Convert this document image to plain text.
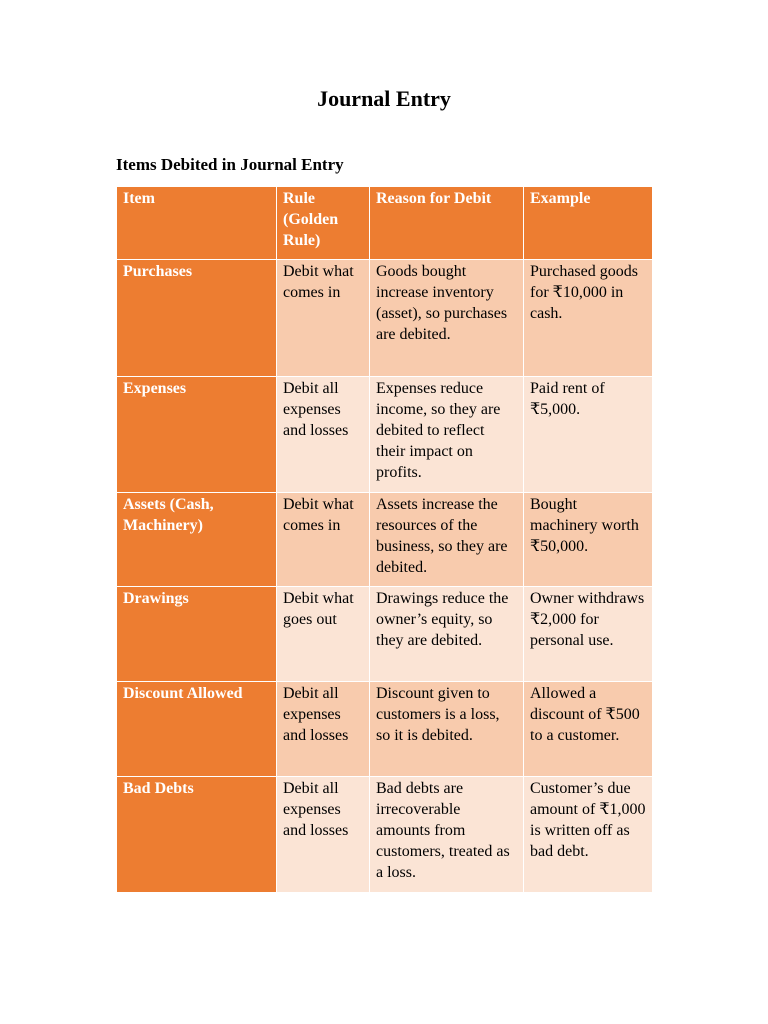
Journal Entry
Items Debited in Journal Entry
Item	Rule (Golden Rule)	Reason for Debit	Example
Purchases	Debit what comes in	Goods bought increase inventory (asset), so purchases are debited.	Purchased goods for ₹10,000 in cash.
Expenses	Debit all expenses and losses	Expenses reduce income, so they are debited to reflect their impact on profits.	Paid rent of ₹5,000.
Assets (Cash, Machinery)	Debit what comes in	Assets increase the resources of the business, so they are debited.	Bought machinery worth ₹50,000.
Drawings	Debit what goes out	Drawings reduce the owner’s equity, so they are debited.	Owner withdraws ₹2,000 for personal use.
Discount Allowed	Debit all expenses and losses	Discount given to customers is a loss, so it is debited.	Allowed a discount of ₹500 to a customer.
Bad Debts	Debit all expenses and losses	Bad debts are irrecoverable amounts from customers, treated as a loss.	Customer’s due amount of ₹1,000 is written off as bad debt.
